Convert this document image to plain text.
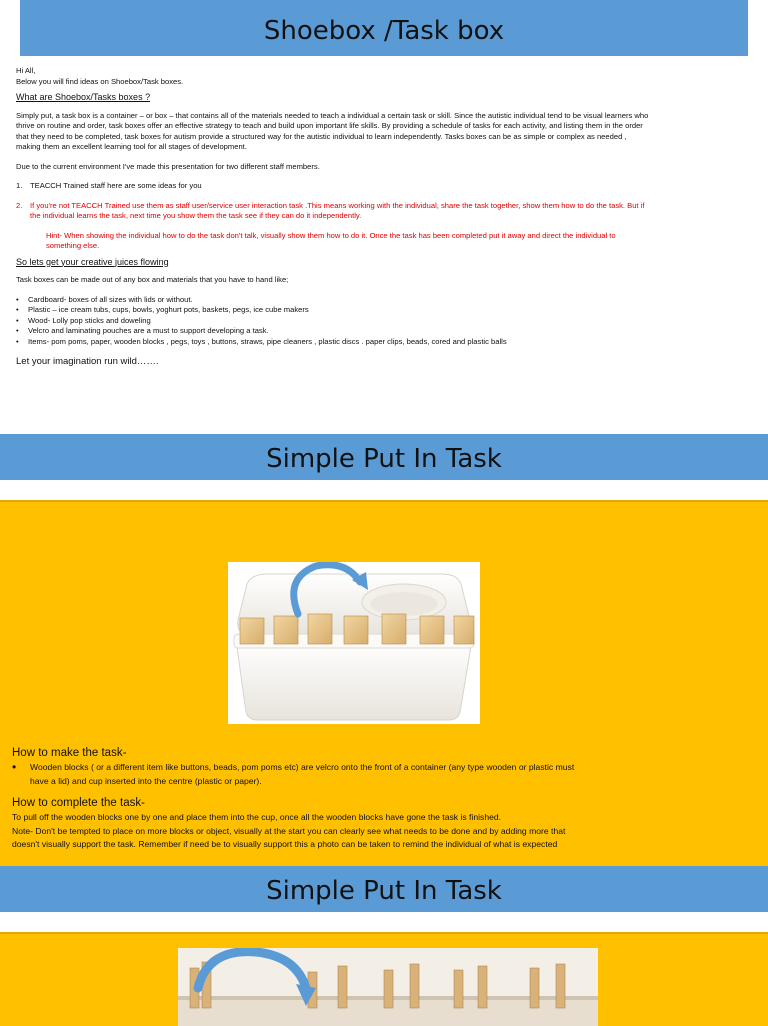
Shoebox /Task box

Hi All,

Below you will find ideas on Shoebox/Task boxes.

What are Shoebox/Tasks boxes ?

Simply put, a task box is a container – or box – that contains all of the materials needed to teach a individual a certain task or skill. Since the autistic individual tend to be visual learners who

thrive on routine and order, task boxes offer an effective strategy to teach and build upon important life skills. By providing a schedule of tasks for each activity, and listing them in the order

that they need to be completed, task boxes for autism provide a structured way for the autistic individual to learn independently. Tasks boxes can be as simple or complex as needed ,

making them an excellent learning tool for all stages of development.

Due to the current environment I've made this presentation for two different staff members.

1.	TEACCH Trained staff here are some ideas for you
2.	If you're not TEACCH Trained use them as staff user/service user interaction task .This means working with the individual, share the task together, show them how to do the task. But if

the individual learns the task, next time you show them the task see if they can do it independently.

Hint- When showing the individual how to do the task don't talk, visually show them how to do it. Once the task has been completed put it away and direct the individual to

something else.

So lets get your creative juices flowing

Task boxes can be made out of any box and materials that you have to hand like;

•	Cardboard- boxes of all sizes with lids or without.
•	Plastic – ice cream tubs, cups, bowls, yoghurt pots, baskets, pegs, ice cube makers
•	Wood- Lolly pop sticks and doweling
•	Velcro and laminating pouches are a must to support developing a task.
•	Items- pom poms, paper, wooden blocks , pegs, toys , buttons, straws, pipe cleaners , plastic discs . paper clips, beads, cored and plastic balls

Let your imagination run wild…….

Simple Put In Task
How to make the task-
•	Wooden blocks ( or a different item like buttons, beads, pom poms etc) are velcro onto the front of a container (any type wooden or plastic must
have a lid) and cup inserted into the centre (plastic or paper).
How to complete the task-
To pull off the wooden blocks one by one and place them into the cup, once all the wooden blocks have gone the task is finished.
Note- Don't be tempted to place on more blocks or object, visually at the start you can clearly see what needs to be done and by adding more that
doesn't visually support the task. Remember if need be to visually support this a photo can be taken to remind the individual of what is expected
Simple Put In Task
